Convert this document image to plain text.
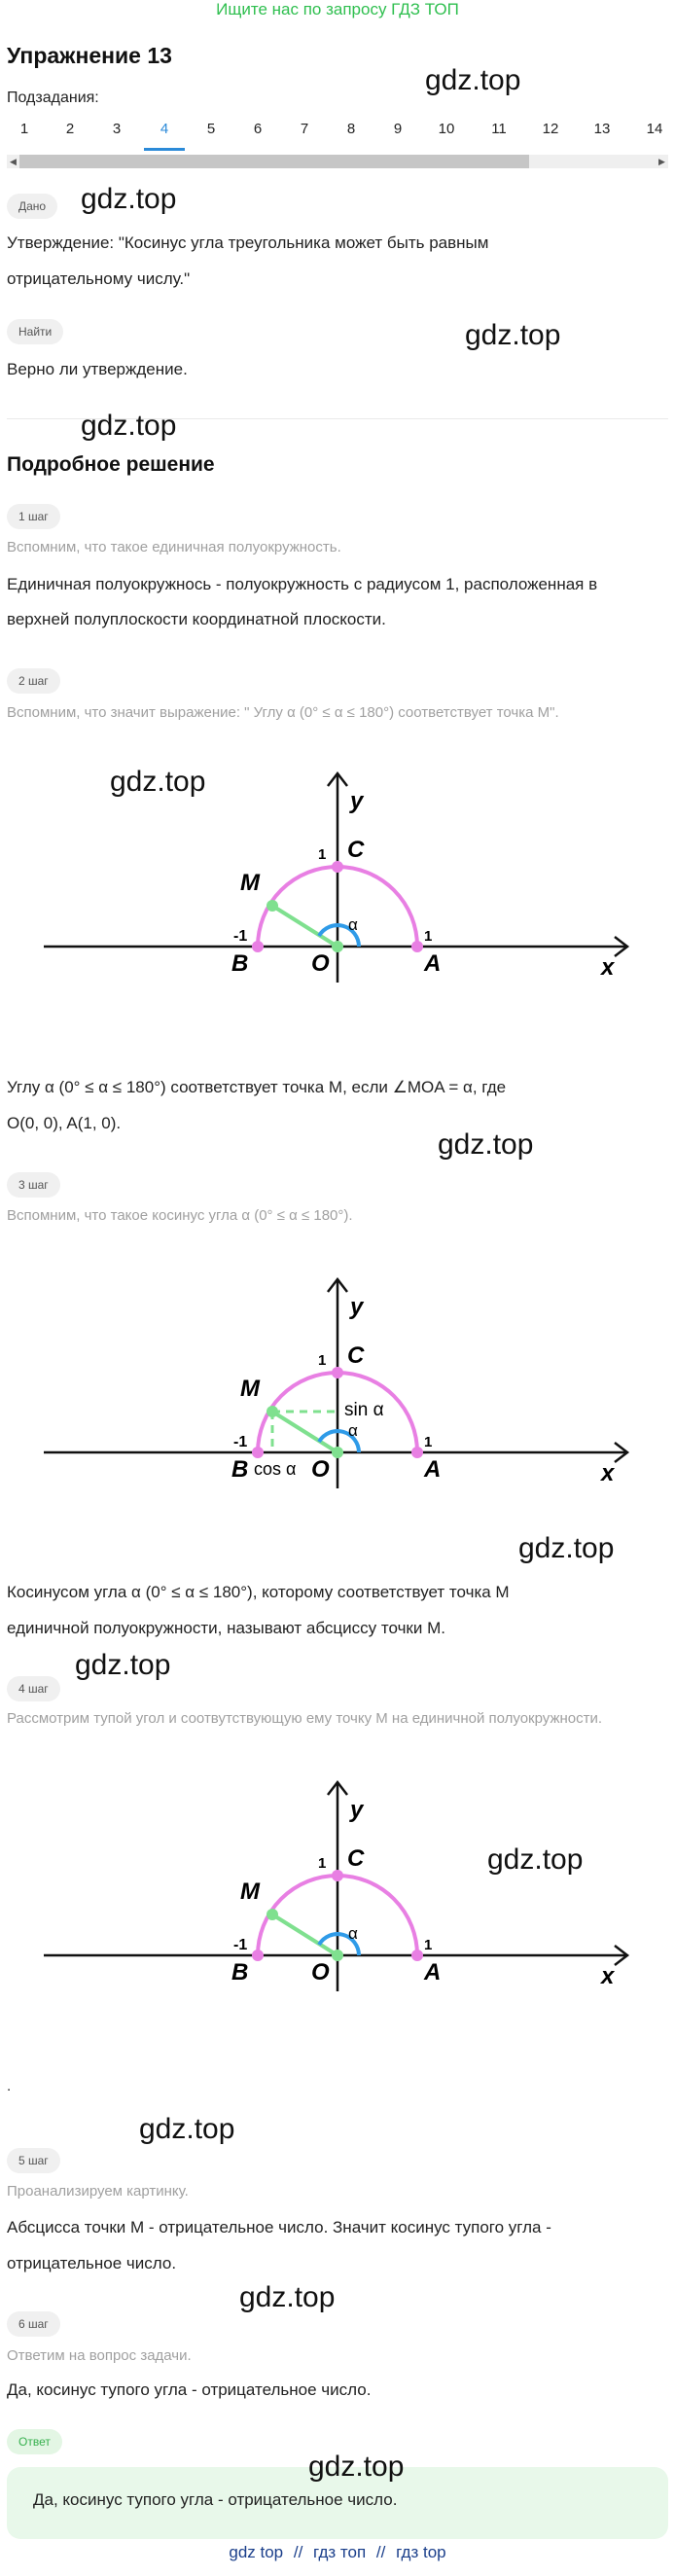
Ищите нас по запросу ГДЗ ТОП
Упражнение 13
gdz.top
Подзадания:
1	2	3	4	5	6	7	8	9	10	11	12	13	14
◀	▶
Дано	gdz.top
Утверждение: "Косинус угла треугольника может быть равным
отрицательному числу."
Найти	gdz.top
Верно ли утверждение.
gdz.top
Подробное решение
1 шаг
Вспомним, что такое единичная полуокружность.
Единичная полуокружнось - полуокружность с радиусом 1, расположенная в
верхней полуплоскости координатной плоскости.
2 шаг
Вспомним, что значит выражение: " Углу α (0° ≤ α ≤ 180°) соответствует точка M".
gdz.top
y
C
1
M
α
-1	1
B	O	A	x
Углу α (0° ≤ α ≤ 180°) соответствует точка M, если ∠MOA = α, где
gdz.top
O(0, 0), A(1, 0).
3 шаг
Вспомним, что такое косинус угла α (0° ≤ α ≤ 180°).
y
C
1
M
sin α
α
-1	1
B cos α O	A	x
gdz.top
Косинусом угла α (0° ≤ α ≤ 180°), которому соответствует точка M
единичной полуокружности, называют абсциссу точки M.
4 шаг
gdz.top
Рассмотрим тупой угол и соотвутствующую ему точку M на единичной полуокружности.
gdz.top
y
C
1
M
α
-1	1
B	O	A	x
.
gdz.top
5 шаг
Проанализируем картинку.
Абсцисса точки M - отрицательное число. Значит косинус тупого угла -
отрицательное число.
gdz.top
6 шаг
Ответим на вопрос задачи.
Да, косинус тупого угла - отрицательное число.
Ответ
gdz.top
Да, косинус тупого угла - отрицательное число.
gdz top // гдз топ // гдз top
